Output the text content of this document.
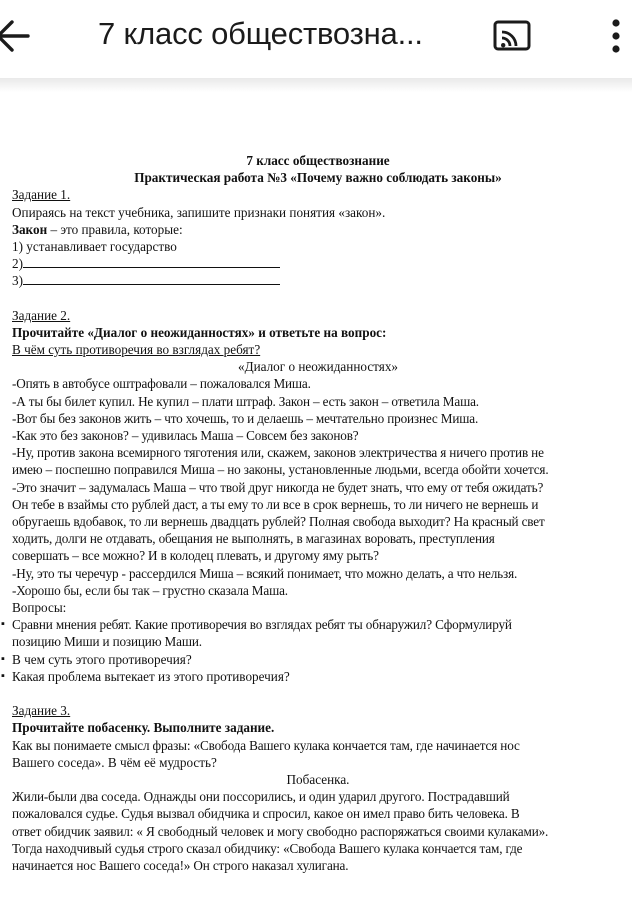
7 класс обществозна...

7 класс обществознание

Практическая работа №3 «Почему важно соблюдать законы»

Задание 1.

Опираясь на текст учебника, запишите признаки понятия «закон».

Закон – это правила, которые:

1) устанавливает государство

2)

3)

Задание 2.

Прочитайте «Диалог о неожиданностях» и ответьте на вопрос:

В чём суть противоречия во взглядах ребят?

«Диалог о неожиданностях»

-Опять в автобусе оштрафовали – пожаловался Миша.

-А ты бы билет купил. Не купил – плати штраф. Закон – есть закон – ответила Маша.

-Вот бы без законов жить – что хочешь, то и делаешь – мечтательно произнес Миша.

-Как это без законов? – удивилась Маша – Совсем без законов?

-Ну, против закона всемирного тяготения или, скажем, законов электричества я ничего против не

имею – поспешно поправился Миша – но законы, установленные людьми, всегда обойти хочется.

-Это значит – задумалась Маша – что твой друг никогда не будет знать, что ему от тебя ожидать?

Он тебе в взаймы сто рублей даст, а ты ему то ли все в срок вернешь, то ли ничего не вернешь и

обругаешь вдобавок, то ли вернешь двадцать рублей? Полная свобода выходит? На красный свет

ходить, долги не отдавать, обещания не выполнять, в магазинах воровать, преступления

совершать – все можно? И в колодец плевать, и другому яму рыть?

-Ну, это ты черечур - рассердился Миша – всякий понимает, что можно делать, а что нельзя.

-Хорошо бы, если бы так – грустно сказала Маша.

Вопросы:

▪ Сравни мнения ребят. Какие противоречия во взглядах ребят ты обнаружил? Сформулируй

позицию Миши и позицию Маши.

▪ В чем суть этого противоречия?

▪ Какая проблема вытекает из этого противоречия?

Задание 3.

Прочитайте побасенку. Выполните задание.

Как вы понимаете смысл фразы: «Свобода Вашего кулака кончается там, где начинается нос

Вашего соседа». В чём её мудрость?

Побасенка.

Жили-были два соседа. Однажды они поссорились, и один ударил другого. Пострадавший

пожаловался судье. Судья вызвал обидчика и спросил, какое он имел право бить человека. В

ответ обидчик заявил: « Я свободный человек и могу свободно распоряжаться своими кулаками».

Тогда находчивый судья строго сказал обидчику: «Свобода Вашего кулака кончается там, где

начинается нос Вашего соседа!» Он строго наказал хулигана.
